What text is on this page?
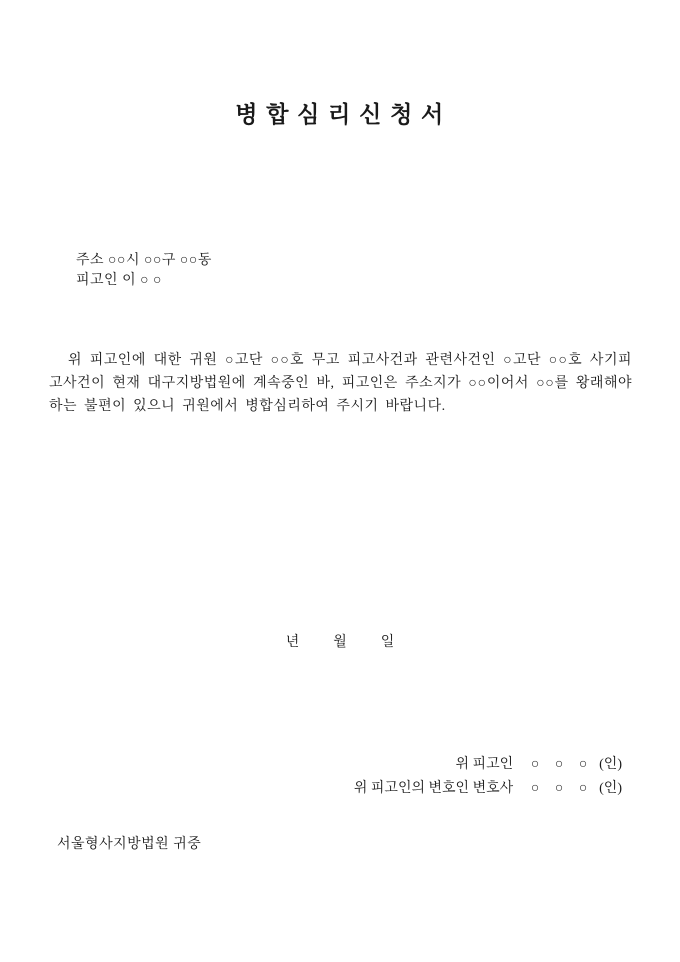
병 합 심 리 신 청 서
주소 ○○시 ○○구 ○○동
피고인 이 ○ ○

위 피고인에 대한 귀원 ○고단 ○○호 무고 피고사건과 관련사건인 ○고단 ○○호 사기피고사건이 현재 대구지방법원에 계속중인 바, 피고인은 주소지가 ○○이어서 ○○를 왕래해야 하는 불편이 있으니 귀원에서 병합심리하여 주시기 바랍니다.

년 월 일
위 피고인	○	○	○ (인)
위 피고인의 변호인 변호사	○	○	○ (인)
서울형사지방법원 귀중
